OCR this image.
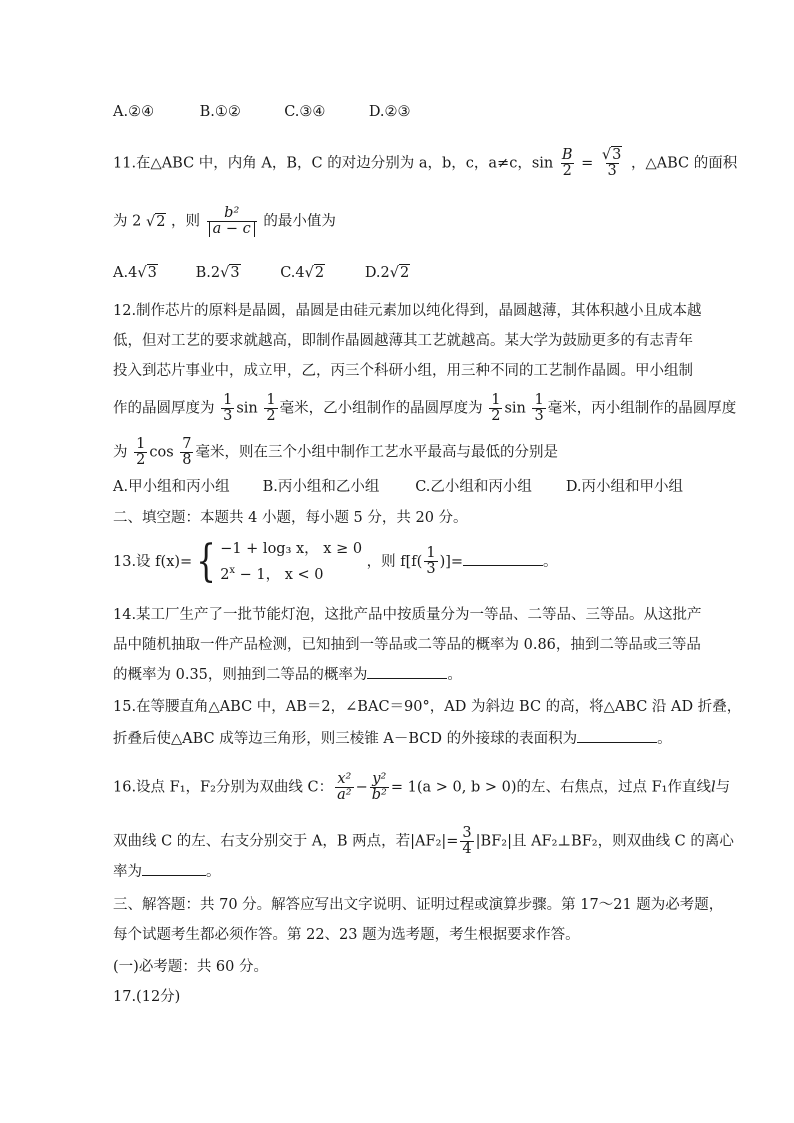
A.②④	B.①②	C.③④	D.②③
11.在△ABC 中，内角 A，B，C 的对边分别为 a，b，c，a≠c，$\sin \frac{B}{2} = \frac{√3}{3}$ ，△ABC 的面积
为 2 √2 ，则 $\frac{\text{b²}}{a - c}$ 的最小值为
A.4√3	B.2√3	C.4√2	D.2√2
12.制作芯片的原料是晶圆，晶圆是由硅元素加以纯化得到，晶圆越薄，其体积越小且成本越
低，但对工艺的要求就越高，即制作晶圆越薄其工艺就越高。某大学为鼓励更多的有志青年
投入到芯片事业中，成立甲，乙，丙三个科研小组，用三种不同的工艺制作晶圆。甲小组制
作的晶圆厚度为 $\frac{1}{3}$ $\sin \frac{1}{2}$ 毫米，乙小组制作的晶圆厚度为 $\frac{1}{2}$ $\sin \frac{1}{3}$ 毫米，丙小组制作的晶圆厚度
为 $\frac{1}{2}$ $\cos \frac{7}{8}$ 毫米，则在三个小组中制作工艺水平最高与最低的分别是
A.甲小组和丙小组 B.丙小组和乙小组 C.乙小组和丙小组 D.丙小组和甲小组
二、填空题：本题共 4 小题，每小题 5 分，共 20 分。
13.设 f(x)={ −1 + log₃ x， x ≥ 0
$2^x - 1$， x < 0
，则 $f[f( \frac{1}{3}$ )]=	。
14.某工厂生产了一批节能灯泡，这批产品中按质量分为一等品、二等品、三等品。从这批产
品中随机抽取一件产品检测，已知抽到一等品或二等品的概率为 0.86，抽到二等品或三等品
的概率为 0.35，则抽到二等品的概率为	。
15.在等腰直角△ABC 中，AB＝2，∠BAC＝90°，AD 为斜边 BC 的高，将△ABC 沿 AD 折叠，
折叠后使△ABC 成等边三角形，则三棱锥 A－BCD 的外接球的表面积为	。
16.设点 F₁，F₂分别为双曲线 C： $\frac{\text{x²}}{\text{a²}} - \frac{\text{y²}}{\text{b²}} = 1(a > 0$, b > 0)的左、右焦点，过点 F₁作直线l与
双曲线 C 的左、右支分别交于 A，B 两点，若$|AF_2|= \frac{3}{4} |BF_2|$且 AF₂⊥BF₂，则双曲线 C 的离心
率为	。
三、解答题：共 70 分。解答应写出文字说明、证明过程或演算步骤。第 17～21 题为必考题，
每个试题考生都必须作答。第 22、23 题为选考题，考生根据要求作答。
(一)必考题：共 60 分。
17.(12分)
